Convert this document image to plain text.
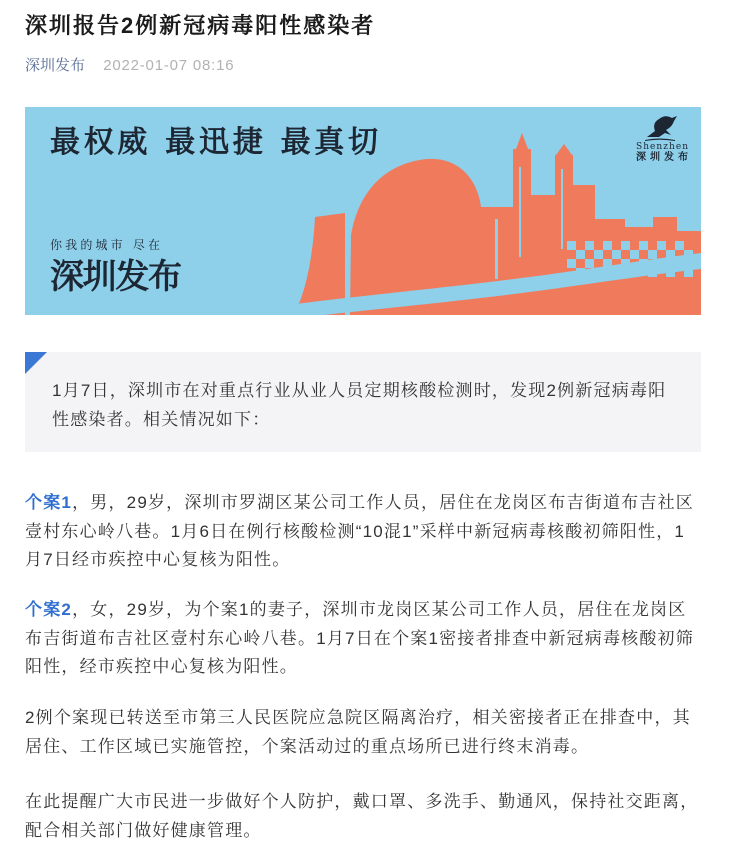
深圳报告2例新冠病毒阳性感染者
深圳发布 2022-01-07 08:16
最权威 最迅捷 最真切
你我的城市 尽在
深圳发布
Shenzhen
深圳发布

1月7日，深圳市在对重点行业从业人员定期核酸检测时，发现2例新冠病毒阳性感染者。相关情况如下：

个案1，男，29岁，深圳市罗湖区某公司工作人员，居住在龙岗区布吉街道布吉社区壹村东心岭八巷。1月6日在例行核酸检测“10混1”采样中新冠病毒核酸初筛阳性，1月7日经市疾控中心复核为阳性。

个案2，女，29岁，为个案1的妻子，深圳市龙岗区某公司工作人员，居住在龙岗区布吉街道布吉社区壹村东心岭八巷。1月7日在个案1密接者排查中新冠病毒核酸初筛阳性，经市疾控中心复核为阳性。

2例个案现已转送至市第三人民医院应急院区隔离治疗，相关密接者正在排查中，其居住、工作区域已实施管控，个案活动过的重点场所已进行终末消毒。

在此提醒广大市民进一步做好个人防护，戴口罩、多洗手、勤通风，保持社交距离，配合相关部门做好健康管理。
